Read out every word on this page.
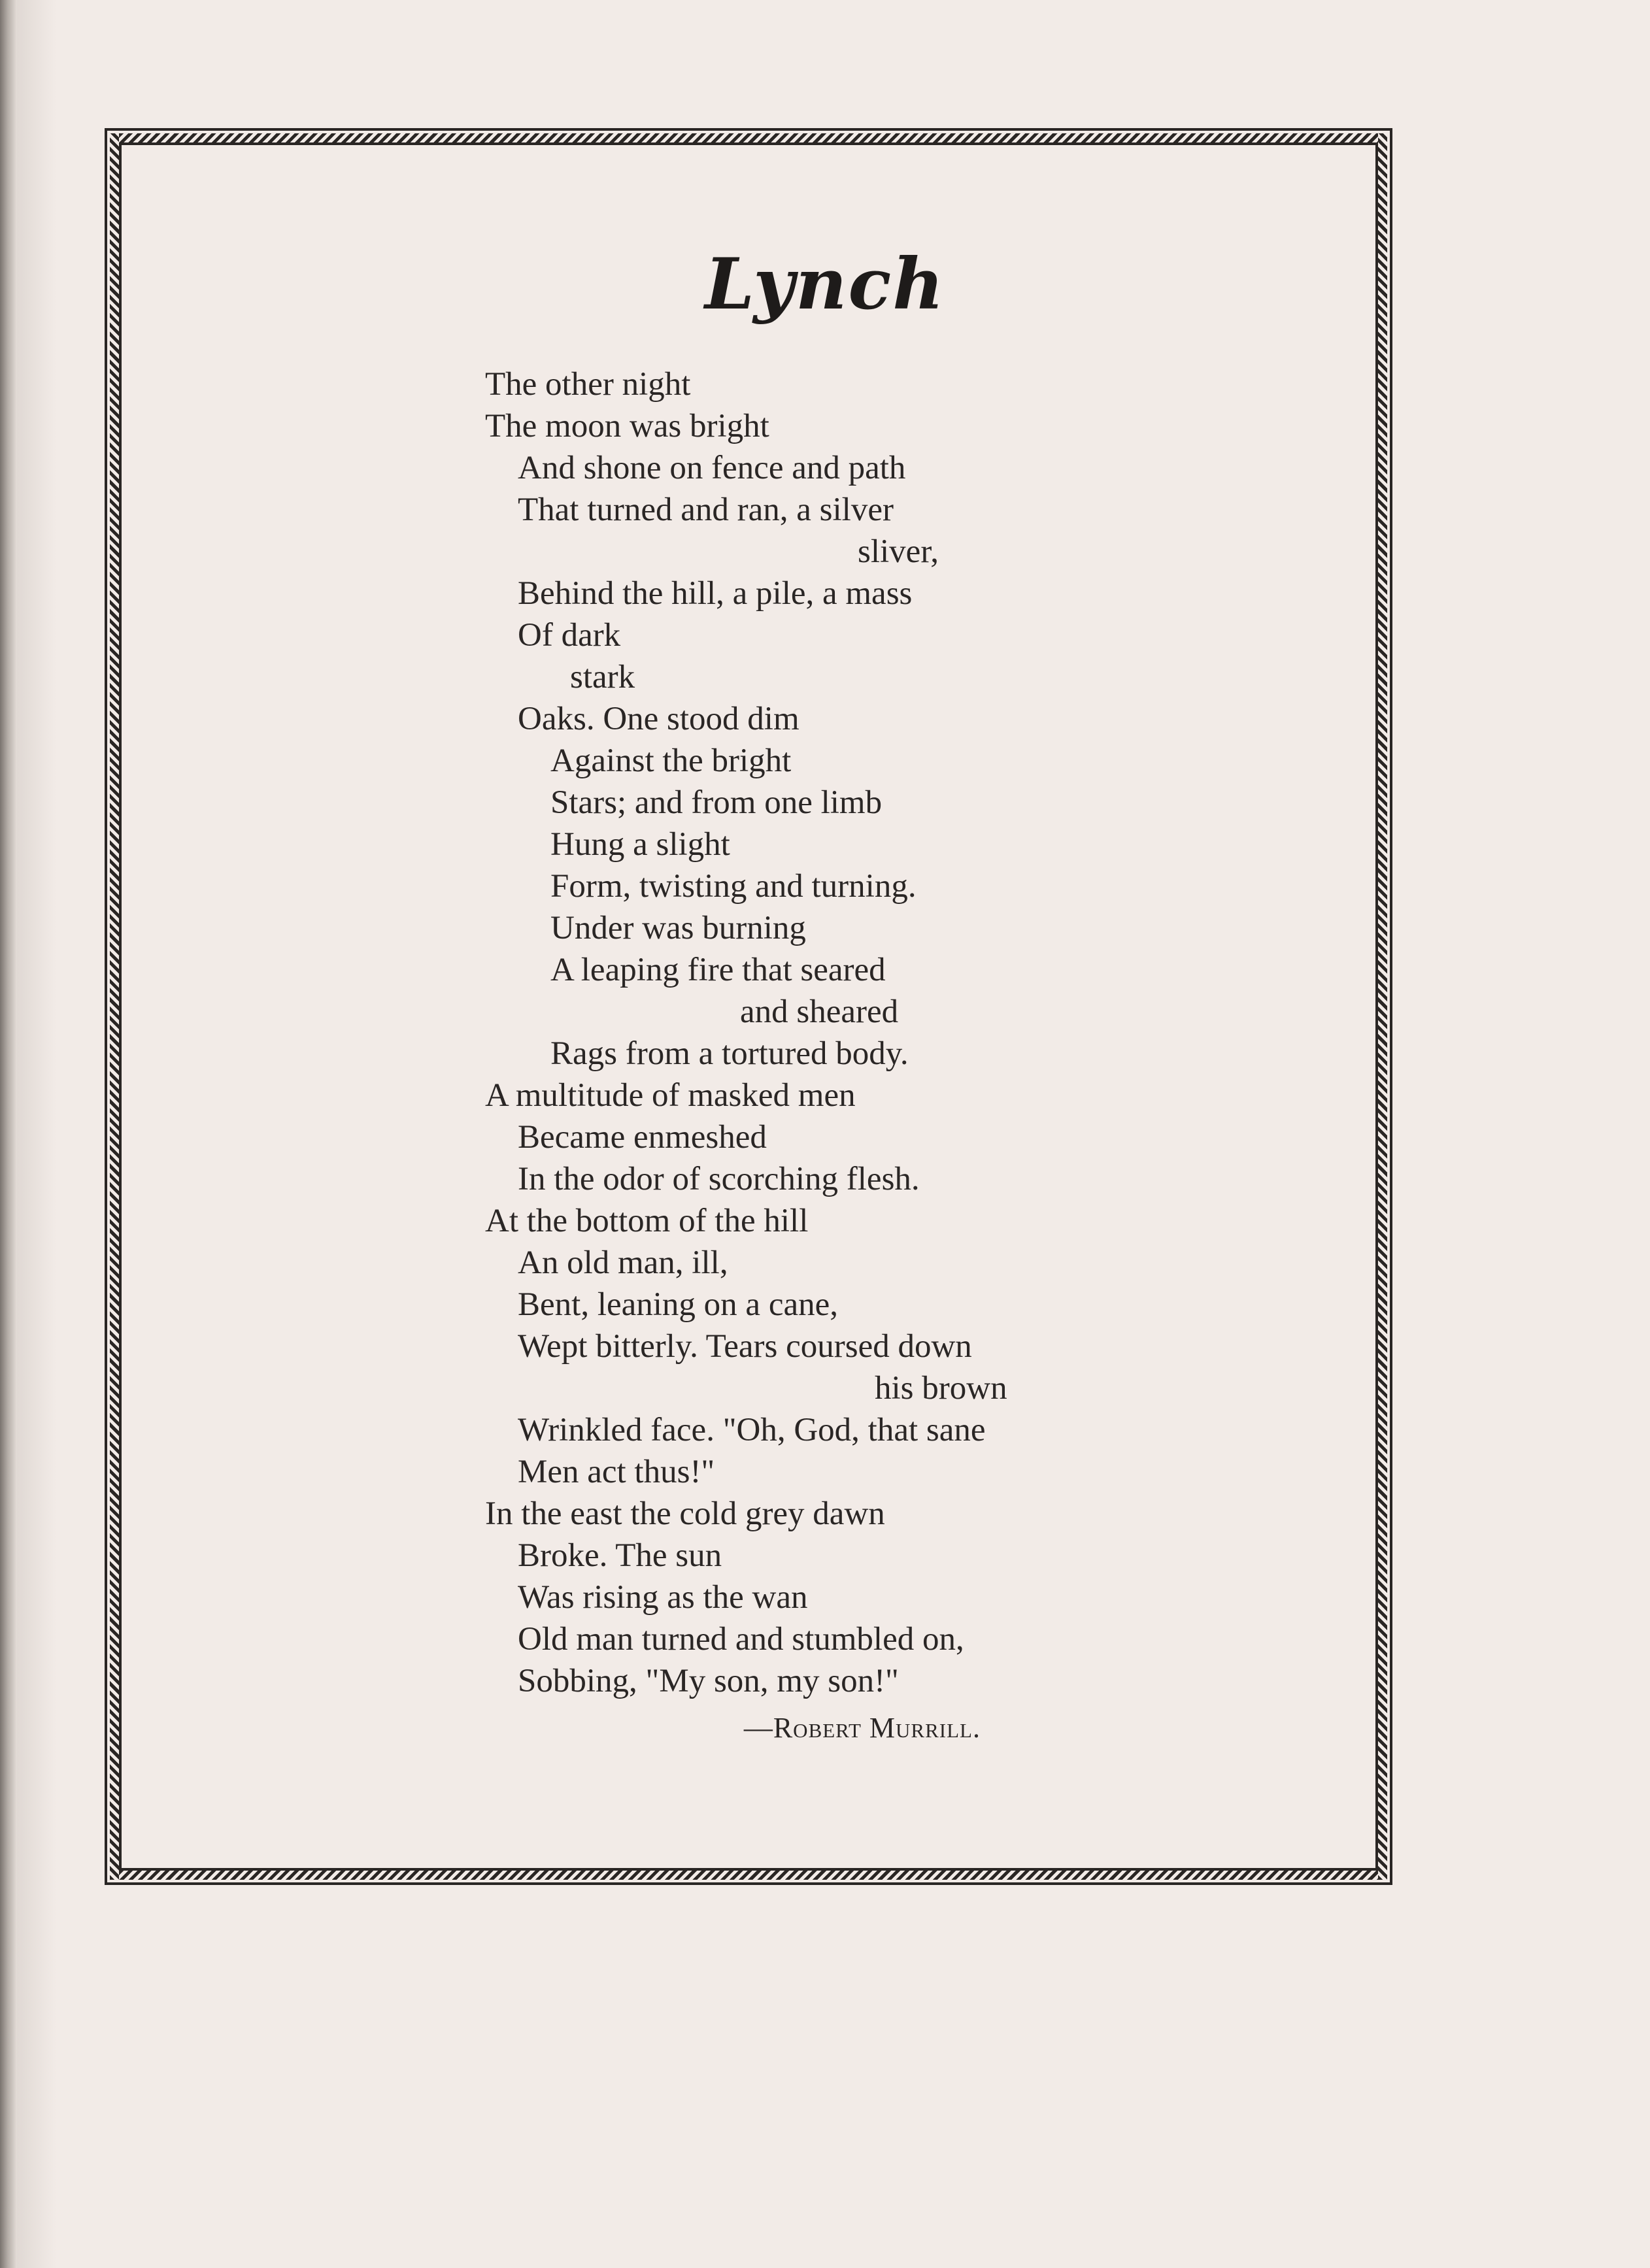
Lynch
The other night
The moon was bright
And shone on fence and path
That turned and ran, a silver
sliver,
Behind the hill, a pile, a mass
Of dark
stark
Oaks. One stood dim
Against the bright
Stars; and from one limb
Hung a slight
Form, twisting and turning.
Under was burning
A leaping fire that seared
and sheared
Rags from a tortured body.
A multitude of masked men
Became enmeshed
In the odor of scorching flesh.
At the bottom of the hill
An old man, ill,
Bent, leaning on a cane,
Wept bitterly. Tears coursed down
his brown
Wrinkled face. "Oh, God, that sane
Men act thus!"
In the east the cold grey dawn
Broke. The sun
Was rising as the wan
Old man turned and stumbled on,
Sobbing, "My son, my son!"
—Robert Murrill.
